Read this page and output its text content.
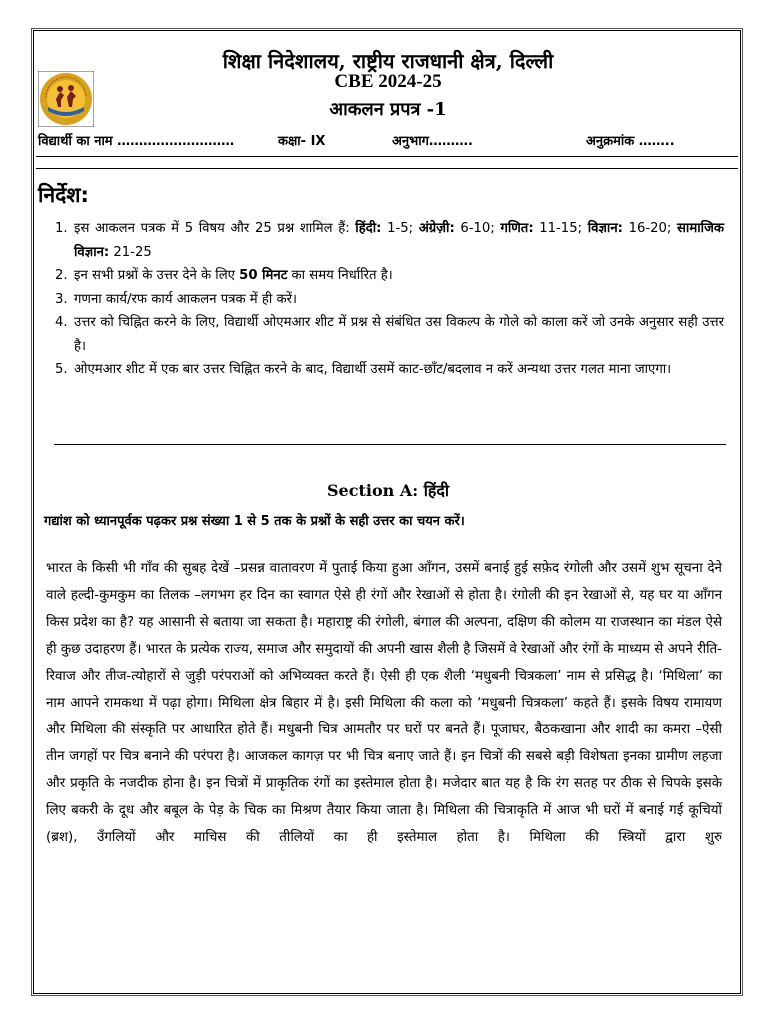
शिक्षा निदेशालय, राष्ट्रीय राजधानी क्षेत्र, दिल्ली
CBE 2024-25
आकलन प्रपत्र -1
विद्यार्थी का नाम ………………………	कक्षा- IX	अनुभाग……….	अनुक्रमांक ……..
निर्देश:
1. इस आकलन पत्रक में 5 विषय और 25 प्रश्न शामिल हैं: हिंदी: 1-5; अंग्रेज़ी: 6-10; गणित: 11-15; विज्ञान: 16-20; सामाजिक विज्ञान: 21-25
2. इन सभी प्रश्नों के उत्तर देने के लिए 50 मिनट का समय निर्धारित है।
3. गणना कार्य/रफ कार्य आकलन पत्रक में ही करें।
4. उत्तर को चिह्नित करने के लिए, विद्यार्थी ओएमआर शीट में प्रश्न से संबंधित उस विकल्प के गोले को काला करें जो उनके अनुसार सही उत्तर है।
5. ओएमआर शीट में एक बार उत्तर चिह्नित करने के बाद, विद्यार्थी उसमें काट-छाँट/बदलाव न करें अन्यथा उत्तर गलत माना जाएगा।
Section A: हिंदी
गद्यांश को ध्यानपूर्वक पढ़कर प्रश्न संख्या 1 से 5 तक के प्रश्नों के सही उत्तर का चयन करें।

भारत के किसी भी गाँव की सुबह देखें –प्रसन्न वातावरण में पुताई किया हुआ आँगन, उसमें बनाई हुई सफ़ेद रंगोली और उसमें शुभ सूचना देने वाले हल्दी-कुमकुम का तिलक –लगभग हर दिन का स्वागत ऐसे ही रंगों और रेखाओं से होता है। रंगोली की इन रेखाओं से, यह घर या आँगन किस प्रदेश का है? यह आसानी से बताया जा सकता है। महाराष्ट्र की रंगोली, बंगाल की अल्पना, दक्षिण की कोलम या राजस्थान का मंडल ऐसे ही कुछ उदाहरण हैं। भारत के प्रत्येक राज्य, समाज और समुदायों की अपनी खास शैली है जिसमें वे रेखाओं और रंगों के माध्यम से अपने रीति-रिवाज और तीज-त्योहारों से जुड़ी परंपराओं को अभिव्यक्त करते हैं। ऐसी ही एक शैली ‘मधुबनी चित्रकला’ नाम से प्रसिद्ध है। ‘मिथिला’ का नाम आपने रामकथा में पढ़ा होगा। मिथिला क्षेत्र बिहार में है। इसी मिथिला की कला को ‘मधुबनी चित्रकला’ कहते हैं। इसके विषय रामायण और मिथिला की संस्कृति पर आधारित होते हैं। मधुबनी चित्र आमतौर पर घरों पर बनते हैं। पूजाघर, बैठकखाना और शादी का कमरा –ऐसी तीन जगहों पर चित्र बनाने की परंपरा है। आजकल कागज़ पर भी चित्र बनाए जाते हैं। इन चित्रों की सबसे बड़ी विशेषता इनका ग्रामीण लहजा और प्रकृति के नजदीक होना है। इन चित्रों में प्राकृतिक रंगों का इस्तेमाल होता है। मजेदार बात यह है कि रंग सतह पर ठीक से चिपके इसके लिए बकरी के दूध और बबूल के पेड़ के चिक का मिश्रण तैयार किया जाता है। मिथिला की चित्राकृति में आज भी घरों में बनाई गई कूचियों (ब्रश), उँगलियों और माचिस की तीलियों का ही इस्तेमाल होता है। मिथिला की स्त्रियों द्वारा शुरु
